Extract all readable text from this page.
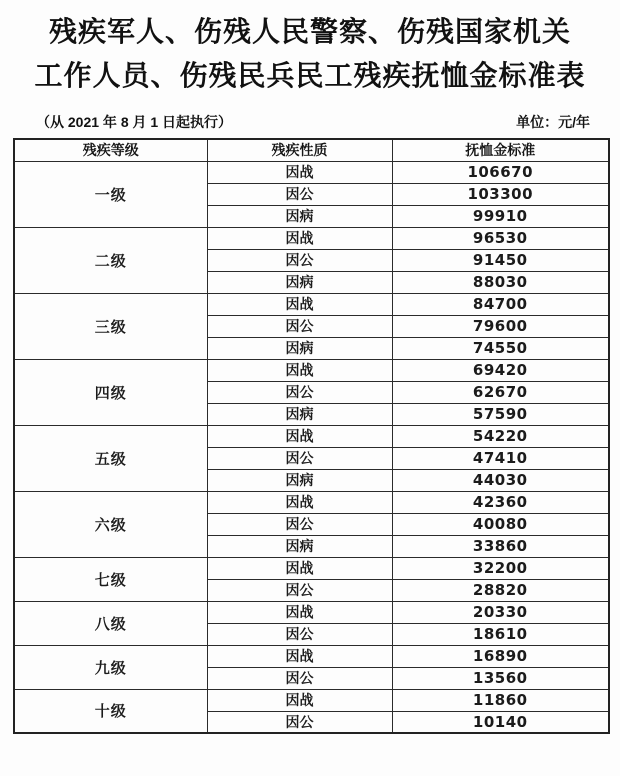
残疾军人、伤残人民警察、伤残国家机关
工作人员、伤残民兵民工残疾抚恤金标准表
（从 2021 年 8 月 1 日起执行）	单位：元/年
残疾等级	残疾性质	抚恤金标准
一级	因战	106670
	因公	103300
	因病	99910
二级	因战	96530
	因公	91450
	因病	88030
三级	因战	84700
	因公	79600
	因病	74550
四级	因战	69420
	因公	62670
	因病	57590
五级	因战	54220
	因公	47410
	因病	44030
六级	因战	42360
	因公	40080
	因病	33860
七级	因战	32200
	因公	28820
八级	因战	20330
	因公	18610
九级	因战	16890
	因公	13560
十级	因战	11860
	因公	10140
